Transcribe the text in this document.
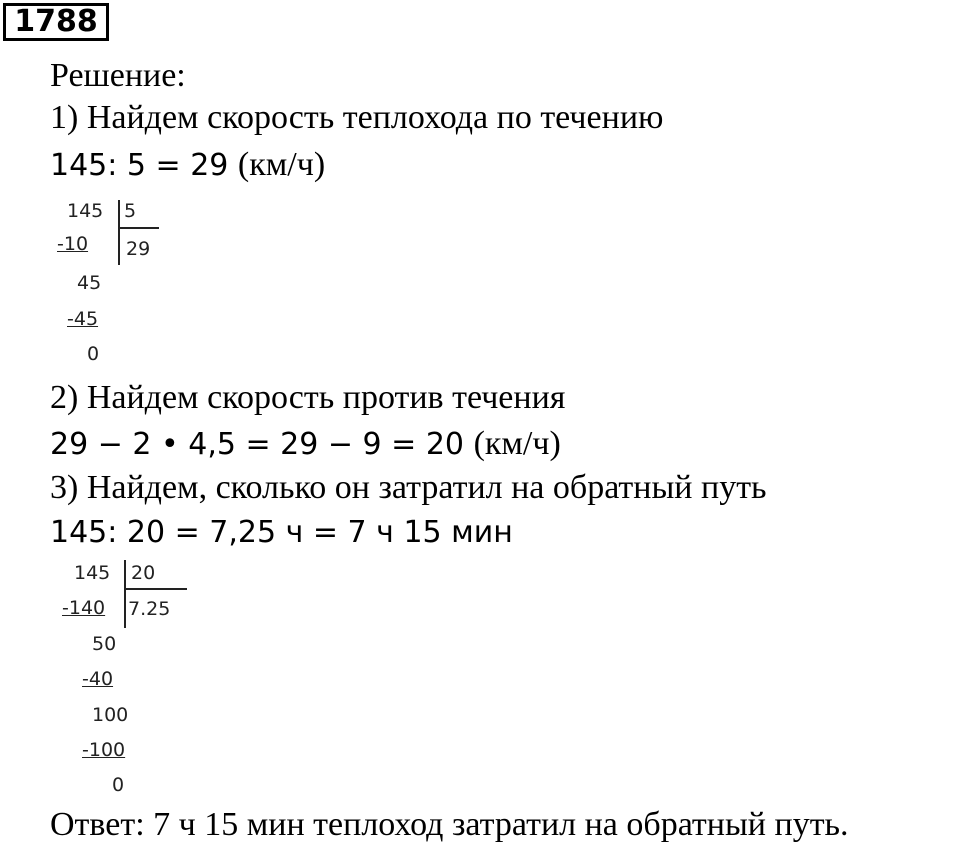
1788
Решение:
1) Найдем скорость теплохода по течению
145: 5 = 29 (км/ч)
145 5
29
-10
45
-45
0
2) Найдем скорость против течения
29 − 2 • 4,5 = 29 − 9 = 20 (км/ч)
3) Найдем, сколько он затратил на обратный путь
145: 20 = 7,25 ч = 7 ч 15 мин
145 20
7.25
-140
50
-40
100
-100
0
Ответ: 7 ч 15 мин теплоход затратил на обратный путь.
